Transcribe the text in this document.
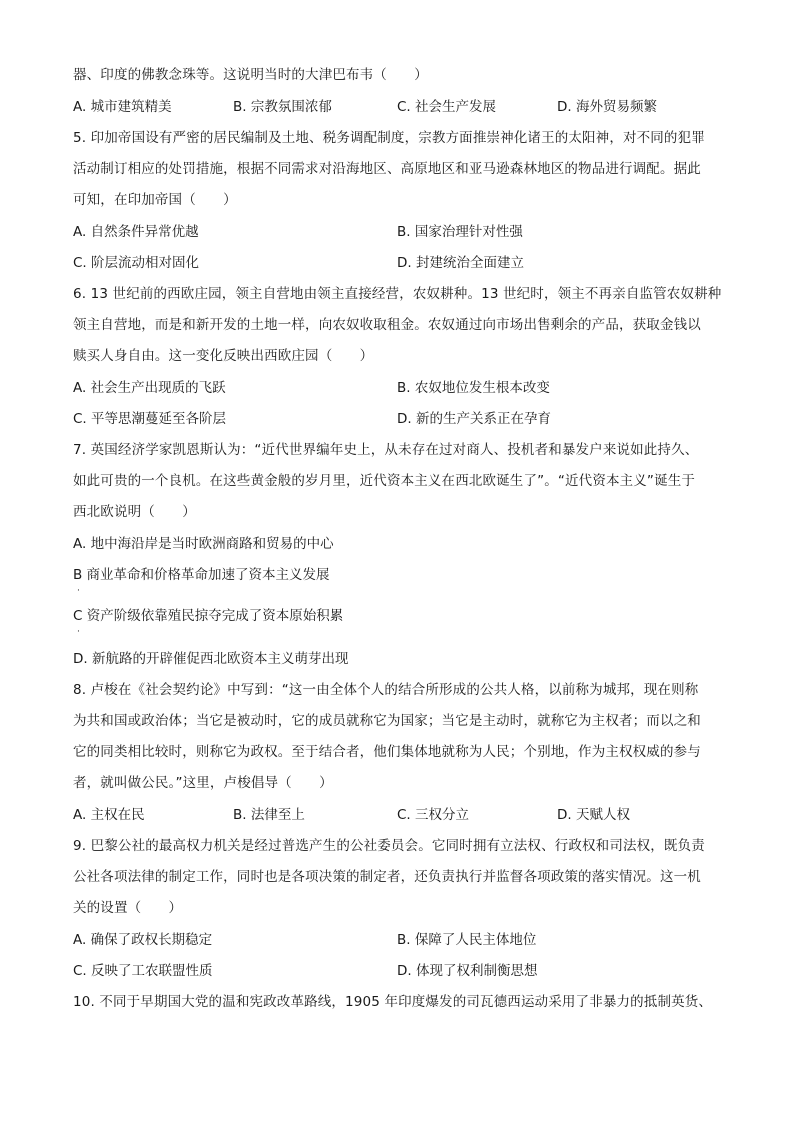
器、印度的佛教念珠等。这说明当时的大津巴布韦（　　）
A. 城市建筑精美	B. 宗教氛围浓郁	C. 社会生产发展	D. 海外贸易频繁
5. 印加帝国设有严密的居民编制及土地、税务调配制度，宗教方面推崇神化诸王的太阳神，对不同的犯罪
活动制订相应的处罚措施，根据不同需求对沿海地区、高原地区和亚马逊森林地区的物品进行调配。据此
可知，在印加帝国（　　）
A. 自然条件异常优越	B. 国家治理针对性强
C. 阶层流动相对固化	D. 封建统治全面建立
6. 13 世纪前的西欧庄园，领主自营地由领主直接经营，农奴耕种。13 世纪时，领主不再亲自监管农奴耕种
领主自营地，而是和新开发的土地一样，向农奴收取租金。农奴通过向市场出售剩余的产品，获取金钱以
赎买人身自由。这一变化反映出西欧庄园（　　）
A. 社会生产出现质的飞跃	B. 农奴地位发生根本改变
C. 平等思潮蔓延至各阶层	D. 新的生产关系正在孕育
7. 英国经济学家凯恩斯认为：“近代世界编年史上，从未存在过对商人、投机者和暴发户来说如此持久、
如此可贵的一个良机。在这些黄金般的岁月里，近代资本主义在西北欧诞生了”。“近代资本主义”诞生于
西北欧说明（　　）
A. 地中海沿岸是当时欧洲商路和贸易的中心
B 商业革命和价格革命加速了资本主义发展
·
C 资产阶级依靠殖民掠夺完成了资本原始积累
·
D. 新航路的开辟催促西北欧资本主义萌芽出现
8. 卢梭在《社会契约论》中写到：“这一由全体个人的结合所形成的公共人格，以前称为城邦，现在则称
为共和国或政治体；当它是被动时，它的成员就称它为国家；当它是主动时，就称它为主权者；而以之和
它的同类相比较时，则称它为政权。至于结合者，他们集体地就称为人民；个别地，作为主权权威的参与
者，就叫做公民。”这里，卢梭倡导（　　）
A. 主权在民	B. 法律至上	C. 三权分立	D. 天赋人权
9. 巴黎公社的最高权力机关是经过普选产生的公社委员会。它同时拥有立法权、行政权和司法权，既负责
公社各项法律的制定工作，同时也是各项决策的制定者，还负责执行并监督各项政策的落实情况。这一机
关的设置（　　）
A. 确保了政权长期稳定	B. 保障了人民主体地位
C. 反映了工农联盟性质	D. 体现了权利制衡思想
10. 不同于早期国大党的温和宪政改革路线，1905 年印度爆发的司瓦德西运动采用了非暴力的抵制英货、
